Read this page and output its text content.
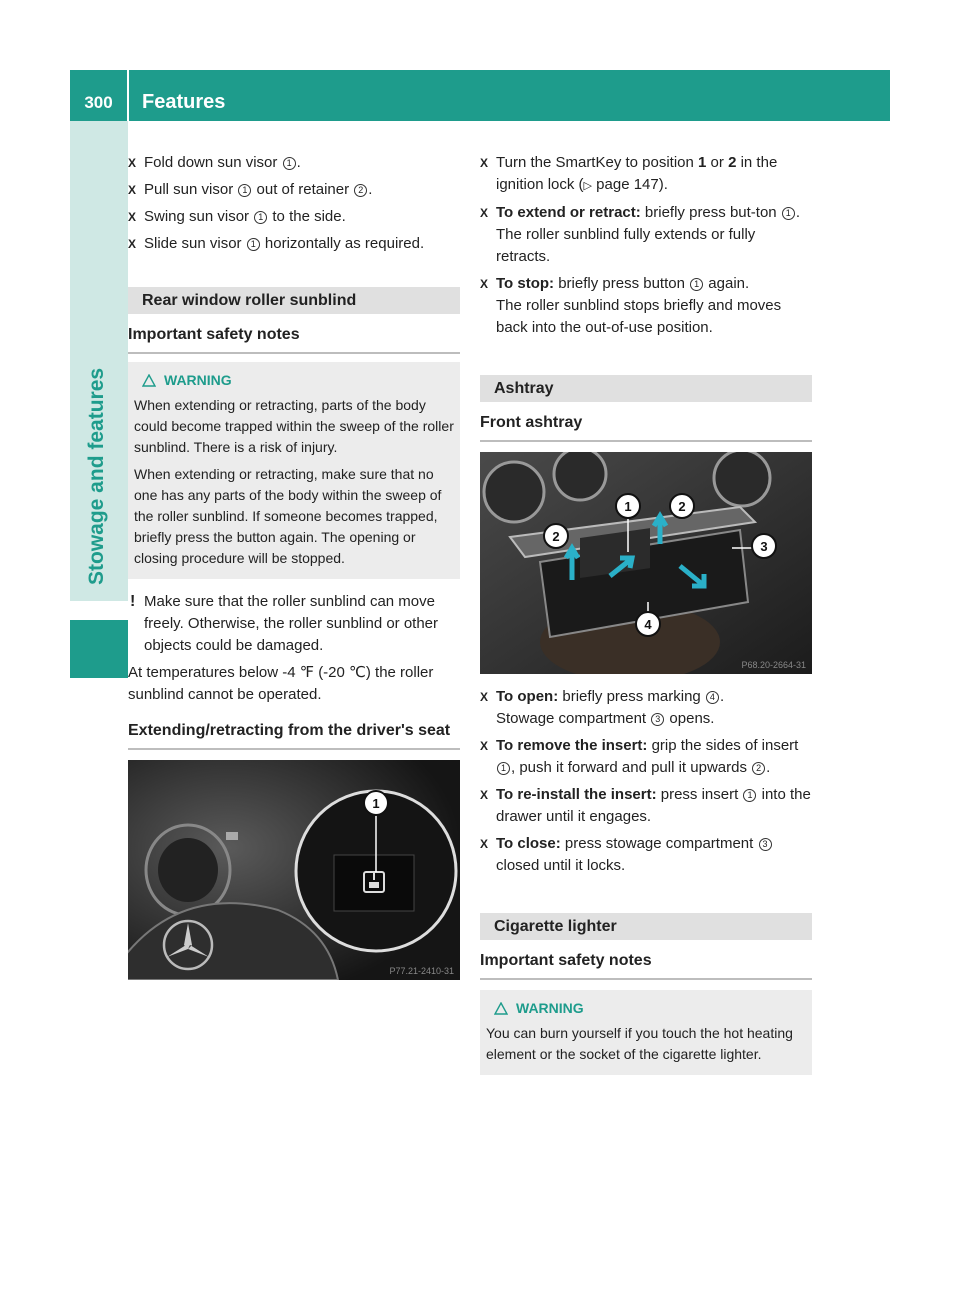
300	Features
Stowage and features
X Fold down sun visor 1 .
X Pull sun visor 1 out of retainer 2 .
X Swing sun visor 1 to the side.
X Slide sun visor 1 horizontally as required.
Rear window roller sunblind
Important safety notes
WARNING

When extending or retracting, parts of the body could become trapped within the sweep of the roller sunblind. There is a risk of injury.

When extending or retracting, make sure that no one has any parts of the body within the sweep of the roller sunblind. If someone becomes trapped, briefly press the button again. The opening or closing procedure will be stopped.

! Make sure that the roller sunblind can move freely. Otherwise, the roller sunblind or other objects could be damaged.
At temperatures below -4 ℉ (-20 ℃) the roller sunblind cannot be operated.
Extending/retracting from the driver's seat
1
P77.21-2410-31
X Turn the SmartKey to position 1 or 2 in the ignition lock (▷ page 147).
X To extend or retract: briefly press but-ton 1 .
The roller sunblind fully extends or fully retracts.
X To stop: briefly press button 1 again.
The roller sunblind stops briefly and moves back into the out-of-use position.
Ashtray
Front ashtray
1
2
2
3
4
P68.20-2664-31
X To open: briefly press marking 4 .
Stowage compartment 3 opens.
X To remove the insert: grip the sides of insert 1 , push it forward and pull it upwards 2 .
X To re-install the insert: press insert 1 into the drawer until it engages.
X To close: press stowage compartment 3 closed until it locks.
Cigarette lighter
Important safety notes
WARNING

You can burn yourself if you touch the hot heating element or the socket of the cigarette lighter.
